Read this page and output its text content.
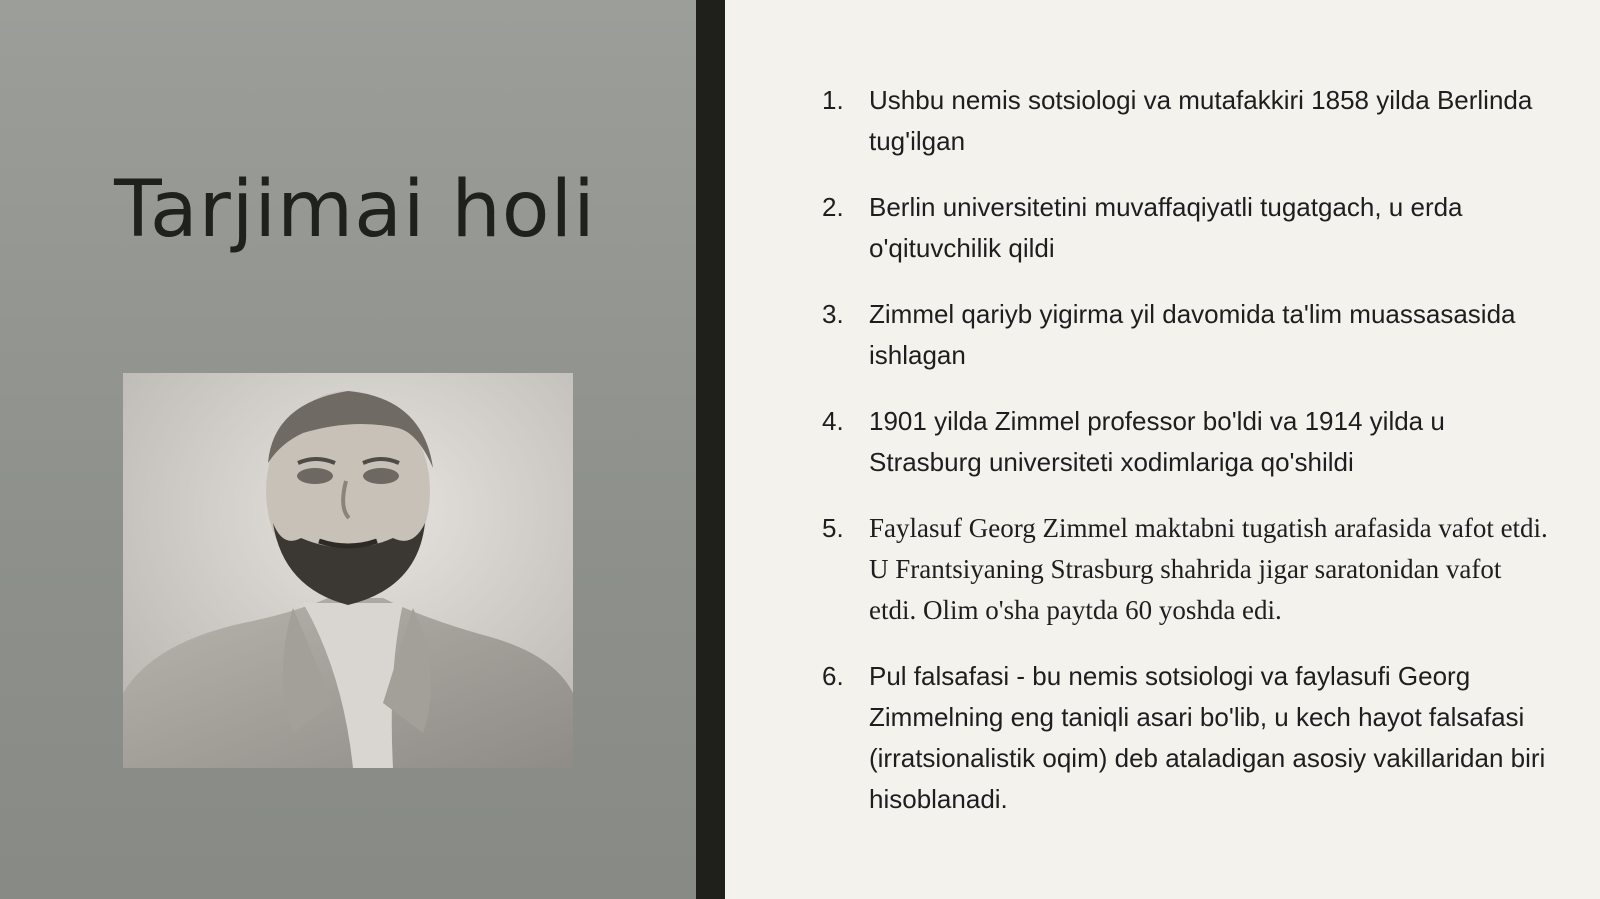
Tarjimai holi
1. Ushbu nemis sotsiologi va mutafakkiri 1858 yilda Berlinda tug'ilgan
2. Berlin universitetini muvaffaqiyatli tugatgach, u erda o'qituvchilik qildi
3. Zimmel qariyb yigirma yil davomida ta'lim muassasasida ishlagan
4. 1901 yilda Zimmel professor bo'ldi va 1914 yilda u Strasburg universiteti xodimlariga qo'shildi
5. Faylasuf Georg Zimmel maktabni tugatish arafasida vafot etdi. U Frantsiyaning Strasburg shahrida jigar saratonidan vafot etdi. Olim o'sha paytda 60 yoshda edi.
6. Pul falsafasi - bu nemis sotsiologi va faylasufi Georg Zimmelning eng taniqli asari bo'lib, u kech hayot falsafasi (irratsionalistik oqim) deb ataladigan asosiy vakillaridan biri hisoblanadi.
